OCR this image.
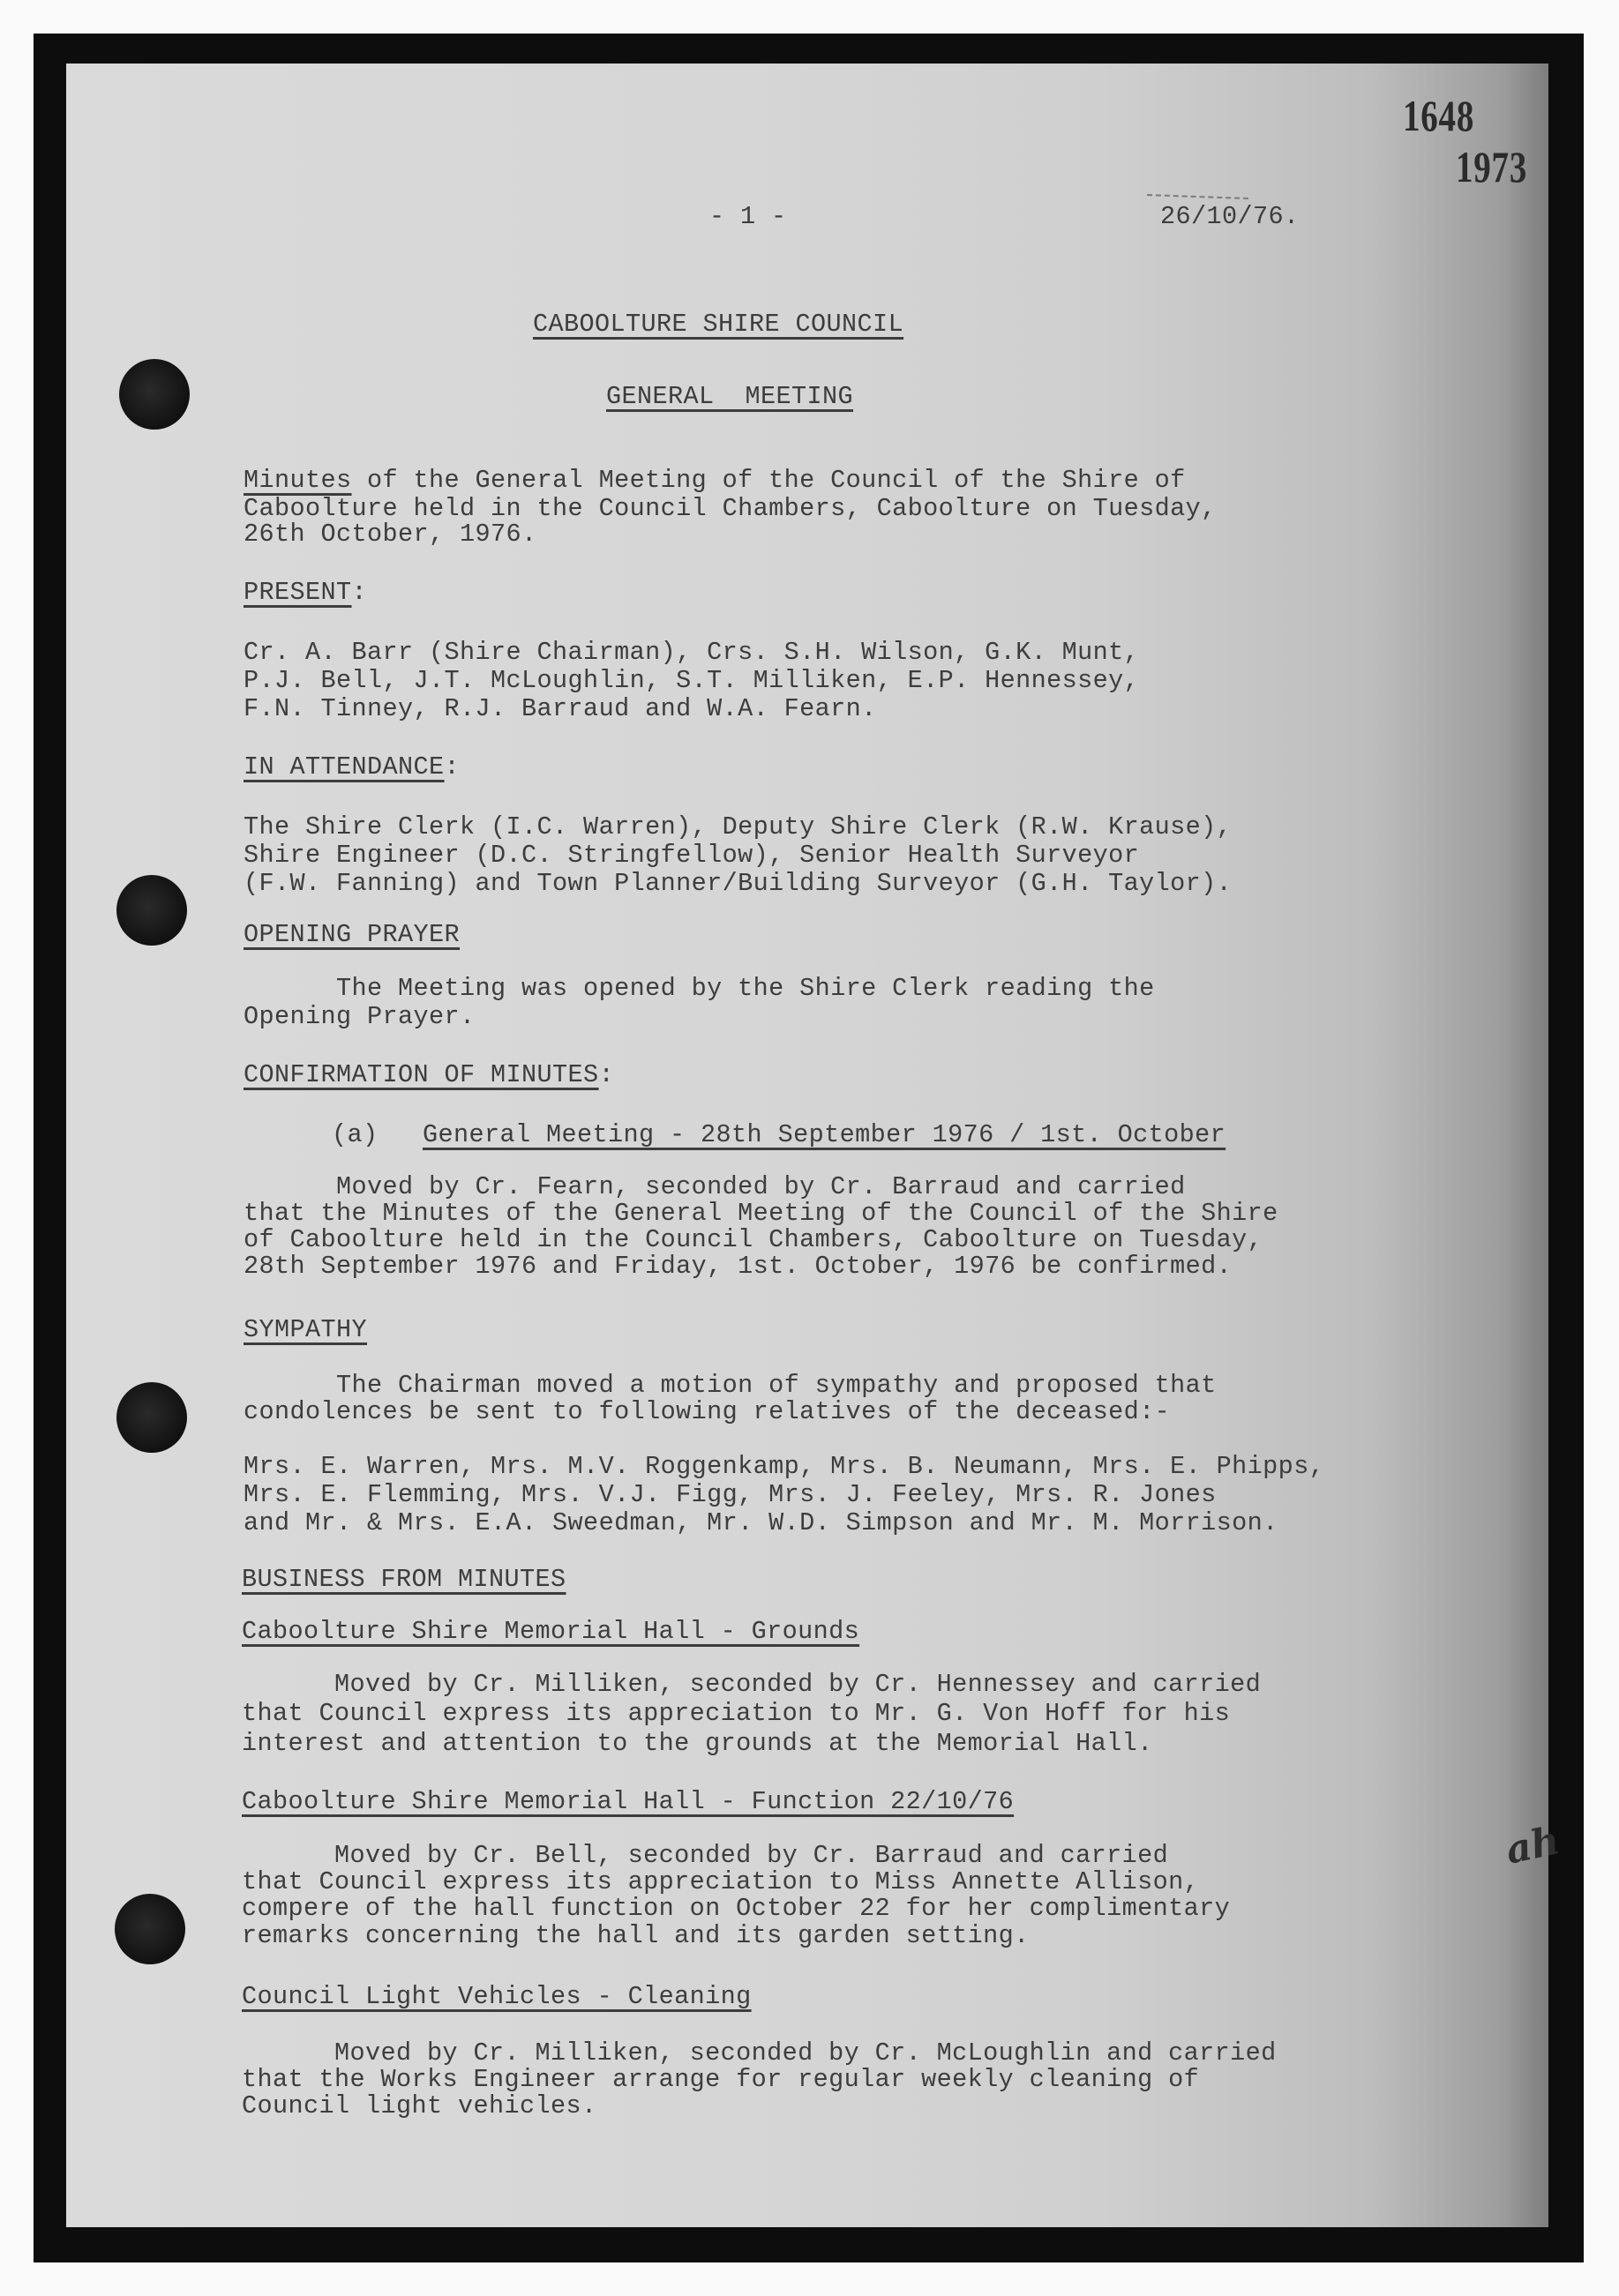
1648
1973
- 1 -	26/10/76.
CABOOLTURE SHIRE COUNCIL
GENERAL  MEETING
Minutes of the General Meeting of the Council of the Shire of
Caboolture held in the Council Chambers, Caboolture on Tuesday,
26th October, 1976.
PRESENT:
Cr. A. Barr (Shire Chairman), Crs. S.H. Wilson, G.K. Munt,
P.J. Bell, J.T. McLoughlin, S.T. Milliken, E.P. Hennessey,
F.N. Tinney, R.J. Barraud and W.A. Fearn.
IN ATTENDANCE:
The Shire Clerk (I.C. Warren), Deputy Shire Clerk (R.W. Krause),
Shire Engineer (D.C. Stringfellow), Senior Health Surveyor
(F.W. Fanning) and Town Planner/Building Surveyor (G.H. Taylor).
OPENING PRAYER
The Meeting was opened by the Shire Clerk reading the
Opening Prayer.
CONFIRMATION OF MINUTES:
(a) General Meeting - 28th September 1976 / 1st. October
Moved by Cr. Fearn, seconded by Cr. Barraud and carried
that the Minutes of the General Meeting of the Council of the Shire
of Caboolture held in the Council Chambers, Caboolture on Tuesday,
28th September 1976 and Friday, 1st. October, 1976 be confirmed.
SYMPATHY
The Chairman moved a motion of sympathy and proposed that
condolences be sent to following relatives of the deceased:-
Mrs. E. Warren, Mrs. M.V. Roggenkamp, Mrs. B. Neumann, Mrs. E. Phipps,
Mrs. E. Flemming, Mrs. V.J. Figg, Mrs. J. Feeley, Mrs. R. Jones
and Mr. & Mrs. E.A. Sweedman, Mr. W.D. Simpson and Mr. M. Morrison.
BUSINESS FROM MINUTES
Caboolture Shire Memorial Hall - Grounds
Moved by Cr. Milliken, seconded by Cr. Hennessey and carried
that Council express its appreciation to Mr. G. Von Hoff for his
interest and attention to the grounds at the Memorial Hall.
ah
Caboolture Shire Memorial Hall - Function 22/10/76
Moved by Cr. Bell, seconded by Cr. Barraud and carried
that Council express its appreciation to Miss Annette Allison,
compere of the hall function on October 22 for her complimentary
remarks concerning the hall and its garden setting.
Council Light Vehicles - Cleaning
Moved by Cr. Milliken, seconded by Cr. McLoughlin and carried
that the Works Engineer arrange for regular weekly cleaning of
Council light vehicles.
